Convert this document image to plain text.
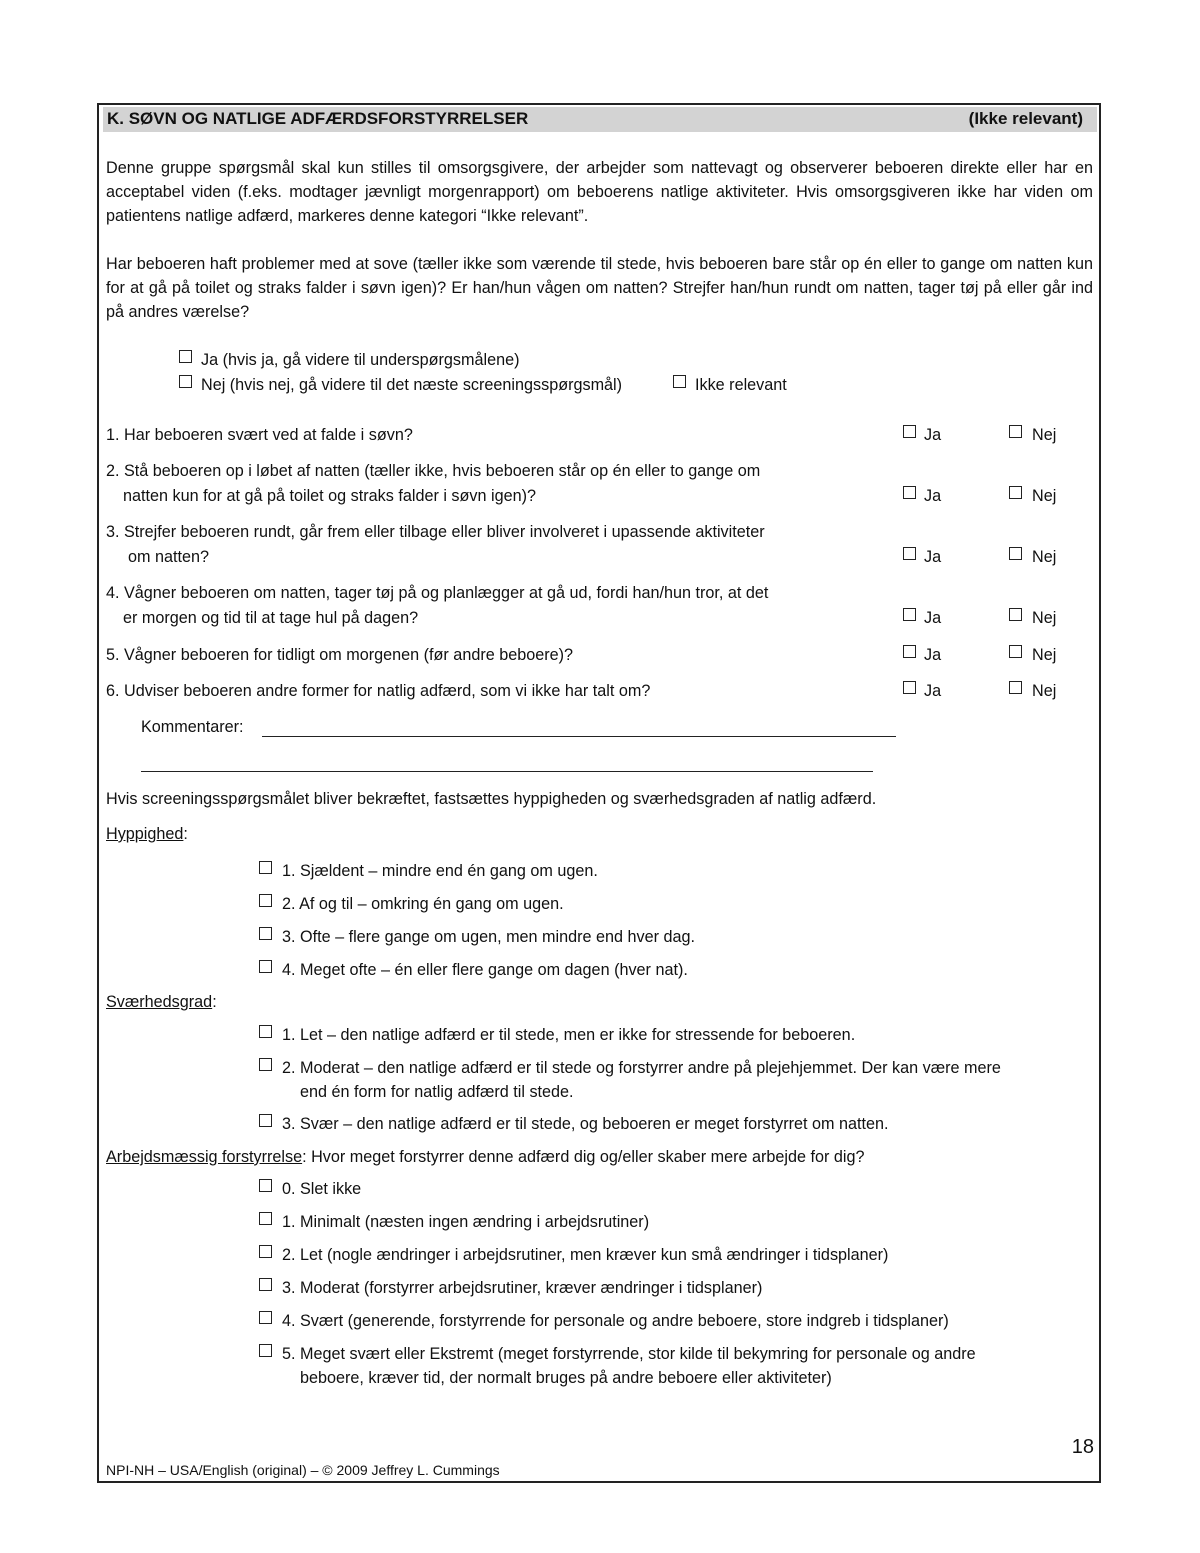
K. SØVN OG NATLIGE ADFÆRDSFORSTYRRELSER	(Ikke relevant)
Denne gruppe spørgsmål skal kun stilles til omsorgsgivere, der arbejder som nattevagt og observerer beboeren direkte eller har en acceptabel viden (f.eks. modtager jævnligt morgenrapport) om beboerens natlige aktiviteter. Hvis omsorgsgiveren ikke har viden om patientens natlige adfærd, markeres denne kategori “Ikke relevant”.
Har beboeren haft problemer med at sove (tæller ikke som værende til stede, hvis beboeren bare står op én eller to gange om natten kun for at gå på toilet og straks falder i søvn igen)? Er han/hun vågen om natten? Strejfer han/hun rundt om natten, tager tøj på eller går ind på andres værelse?
Ja (hvis ja, gå videre til underspørgsmålene)
Nej (hvis nej, gå videre til det næste screeningsspørgsmål)	Ikke relevant
1. Har beboeren svært ved at falde i søvn?	Ja	Nej
2. Stå beboeren op i løbet af natten (tæller ikke, hvis beboeren står op én eller to gange om
natten kun for at gå på toilet og straks falder i søvn igen)?	Ja	Nej
3. Strejfer beboeren rundt, går frem eller tilbage eller bliver involveret i upassende aktiviteter
om natten?	Ja	Nej
4. Vågner beboeren om natten, tager tøj på og planlægger at gå ud, fordi han/hun tror, at det
er morgen og tid til at tage hul på dagen?	Ja	Nej
5. Vågner beboeren for tidligt om morgenen (før andre beboere)?	Ja	Nej
6. Udviser beboeren andre former for natlig adfærd, som vi ikke har talt om?	Ja	Nej
Kommentarer:
Hvis screeningsspørgsmålet bliver bekræftet, fastsættes hyppigheden og sværhedsgraden af natlig adfærd.
Hyppighed:
1. Sjældent – mindre end én gang om ugen.
2. Af og til – omkring én gang om ugen.
3. Ofte – flere gange om ugen, men mindre end hver dag.
4. Meget ofte – én eller flere gange om dagen (hver nat).
Sværhedsgrad:
1. Let – den natlige adfærd er til stede, men er ikke for stressende for beboeren.
2. Moderat – den natlige adfærd er til stede og forstyrrer andre på plejehjemmet. Der kan være mere
end én form for natlig adfærd til stede.
3. Svær – den natlige adfærd er til stede, og beboeren er meget forstyrret om natten.
Arbejdsmæssig forstyrrelse: Hvor meget forstyrrer denne adfærd dig og/eller skaber mere arbejde for dig?
0. Slet ikke
1. Minimalt (næsten ingen ændring i arbejdsrutiner)
2. Let (nogle ændringer i arbejdsrutiner, men kræver kun små ændringer i tidsplaner)
3. Moderat (forstyrrer arbejdsrutiner, kræver ændringer i tidsplaner)
4. Svært (generende, forstyrrende for personale og andre beboere, store indgreb i tidsplaner)
5. Meget svært eller Ekstremt (meget forstyrrende, stor kilde til bekymring for personale og andre
beboere, kræver tid, der normalt bruges på andre beboere eller aktiviteter)
18
NPI-NH – USA/English (original) – © 2009 Jeffrey L. Cummings
